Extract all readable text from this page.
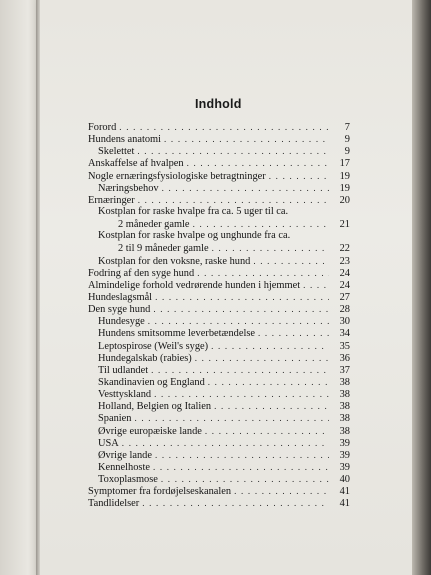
Indhold
Forord . . .	7
Hundens anatomi . . .	9
Skelettet . . .	9
Anskaffelse af hvalpen . . .	17
Nogle ernæringsfysiologiske betragtninger . . .	19
Næringsbehov . . .	19
Ernæringer . . .	20
Kostplan for raske hvalpe fra ca. 5 uger til ca.
2 måneder gamle . . .	21
Kostplan for raske hvalpe og unghunde fra ca.
2 til 9 måneder gamle . . .	22
Kostplan for den voksne, raske hund . . .	23
Fodring af den syge hund . . .	24
Almindelige forhold vedrørende hunden i hjemmet . . .	24
Hundeslagsmål . . .	27
Den syge hund . . .	28
Hundesyge . . .	30
Hundens smitsomme leverbetændelse . . .	34
Leptospirose (Weil's syge) . . .	35
Hundegalskab (rabies) . . .	36
Til udlandet . . .	37
Skandinavien og England . . .	38
Vesttyskland . . .	38
Holland, Belgien og Italien . . .	38
Spanien . . .	38
Øvrige europæiske lande . . .	38
USA . . .	39
Øvrige lande . . .	39
Kennelhoste . . .	39
Toxoplasmose . . .	40
Symptomer fra fordøjelseskanalen . . .	41
Tandlidelser . . .	41
